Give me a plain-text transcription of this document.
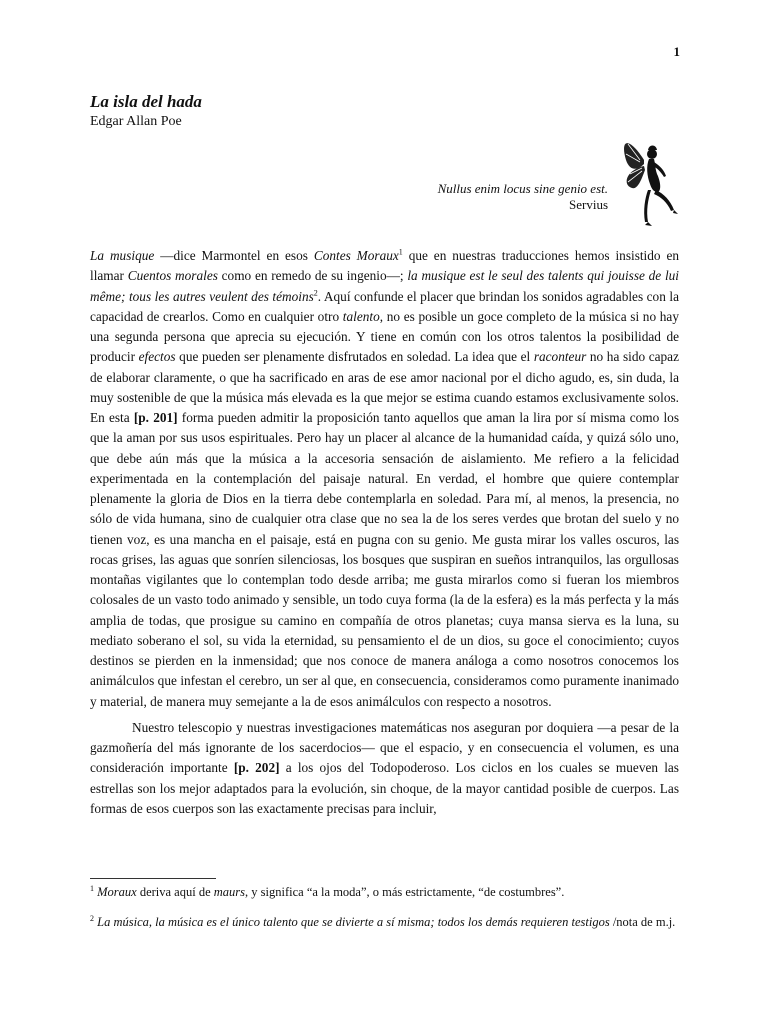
1
La isla del hada
Edgar Allan Poe
Nullus enim locus sine genio est.
Servius

La musique —dice Marmontel en esos Contes Moraux$^1$ que en nuestras traducciones hemos insistido en llamar Cuentos morales como en remedo de su ingenio—; la musique est le seul des talents qui jouisse de lui même; tous les autres veulent des témoins$^2$. Aquí confunde el placer que brindan los sonidos agradables con la capacidad de crearlos. Como en cualquier otro talento, no es posible un goce completo de la música si no hay una segunda persona que aprecia su ejecución. Y tiene en común con los otros talentos la posibilidad de producir efectos que pueden ser plenamente disfrutados en soledad. La idea que el raconteur no ha sido capaz de elaborar claramente, o que ha sacrificado en aras de ese amor nacional por el dicho agudo, es, sin duda, la muy sostenible de que la música más elevada es la que mejor se estima cuando estamos exclusivamente solos. En esta [p. 201] forma pueden admitir la proposición tanto aquellos que aman la lira por sí misma como los que la aman por sus usos espirituales. Pero hay un placer al alcance de la humanidad caída, y quizá sólo uno, que debe aún más que la música a la accesoria sensación de aislamiento. Me refiero a la felicidad experimentada en la contemplación del paisaje natural. En verdad, el hombre que quiere contemplar plenamente la gloria de Dios en la tierra debe contemplarla en soledad. Para mí, al menos, la presencia, no sólo de vida humana, sino de cualquier otra clase que no sea la de los seres verdes que brotan del suelo y no tienen voz, es una mancha en el paisaje, está en pugna con su genio. Me gusta mirar los valles oscuros, las rocas grises, las aguas que sonríen silenciosas, los bosques que suspiran en sueños intranquilos, las orgullosas montañas vigilantes que lo contemplan todo desde arriba; me gusta mirarlos como si fueran los miembros colosales de un vasto todo animado y sensible, un todo cuya forma (la de la esfera) es la más perfecta y la más amplia de todas, que prosigue su camino en compañía de otros planetas; cuya mansa sierva es la luna, su mediato soberano el sol, su vida la eternidad, su pensamiento el de un dios, su goce el conocimiento; cuyos destinos se pierden en la inmensidad; que nos conoce de manera análoga a como nosotros conocemos los animálculos que infestan el cerebro, un ser al que, en consecuencia, consideramos como puramente inanimado y material, de manera muy semejante a la de esos animálculos con respecto a nosotros.

Nuestro telescopio y nuestras investigaciones matemáticas nos aseguran por doquiera —a pesar de la gazmoñería del más ignorante de los sacerdocios— que el espacio, y en consecuencia el volumen, es una consideración importante [p. 202] a los ojos del Todopoderoso. Los ciclos en los cuales se mueven las estrellas son los mejor adaptados para la evolución, sin choque, de la mayor cantidad posible de cuerpos. Las formas de esos cuerpos son las exactamente precisas para incluir,

$^1$ Moraux deriva aquí de maurs, y significa “a la moda”, o más estrictamente, “de costumbres”.
$^2$ La música, la música es el único talento que se divierte a sí misma; todos los demás requieren testigos /nota de m.j.
